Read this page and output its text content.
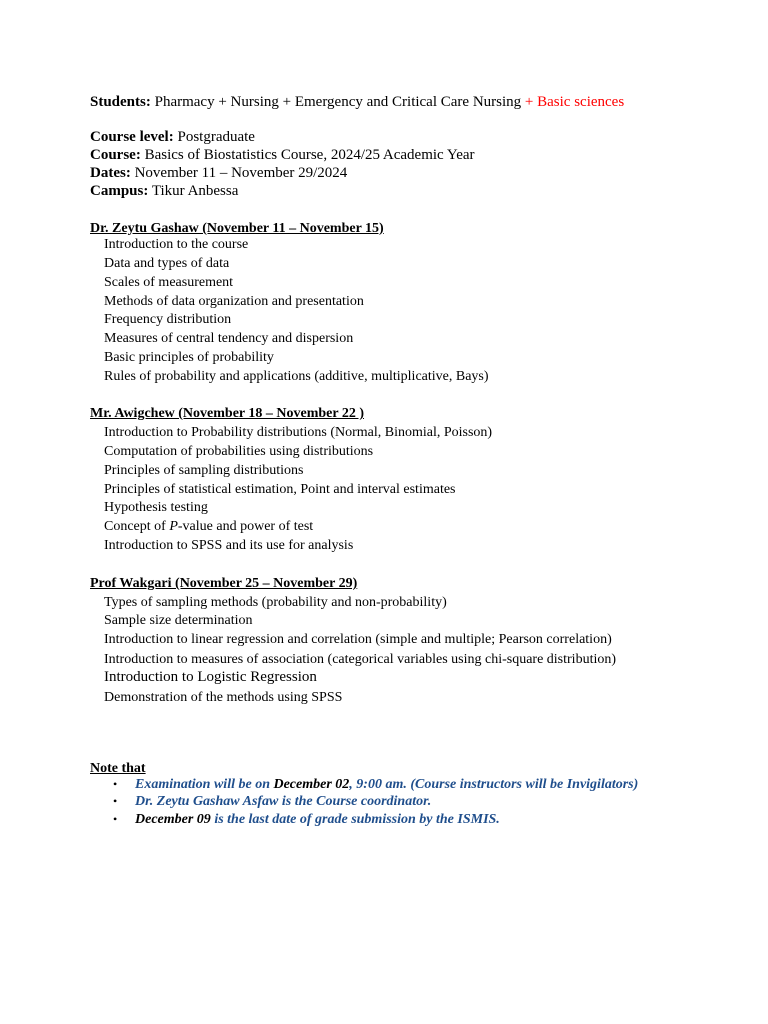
Students: Pharmacy + Nursing + Emergency and Critical Care Nursing + Basic sciences
Course level: Postgraduate
Course: Basics of Biostatistics Course, 2024/25 Academic Year
Dates: November 11 – November 29/2024
Campus: Tikur Anbessa
Dr. Zeytu Gashaw (November 11 – November 15)
Introduction to the course
Data and types of data
Scales of measurement
Methods of data organization and presentation
Frequency distribution
Measures of central tendency and dispersion
Basic principles of probability
Rules of probability and applications (additive, multiplicative, Bays)
Mr. Awigchew (November 18 – November 22 )
Introduction to Probability distributions (Normal, Binomial, Poisson)
Computation of probabilities using distributions
Principles of sampling distributions
Principles of statistical estimation, Point and interval estimates
Hypothesis testing
Concept of P-value and power of test
Introduction to SPSS and its use for analysis
Prof Wakgari (November 25 – November 29)
Types of sampling methods (probability and non-probability)
Sample size determination
Introduction to linear regression and correlation (simple and multiple; Pearson correlation)
Introduction to measures of association (categorical variables using chi-square distribution)
Introduction to Logistic Regression
Demonstration of the methods using SPSS
Note that
• Examination will be on December 02, 9:00 am. (Course instructors will be Invigilators)
• Dr. Zeytu Gashaw Asfaw is the Course coordinator.
• December 09 is the last date of grade submission by the ISMIS.
